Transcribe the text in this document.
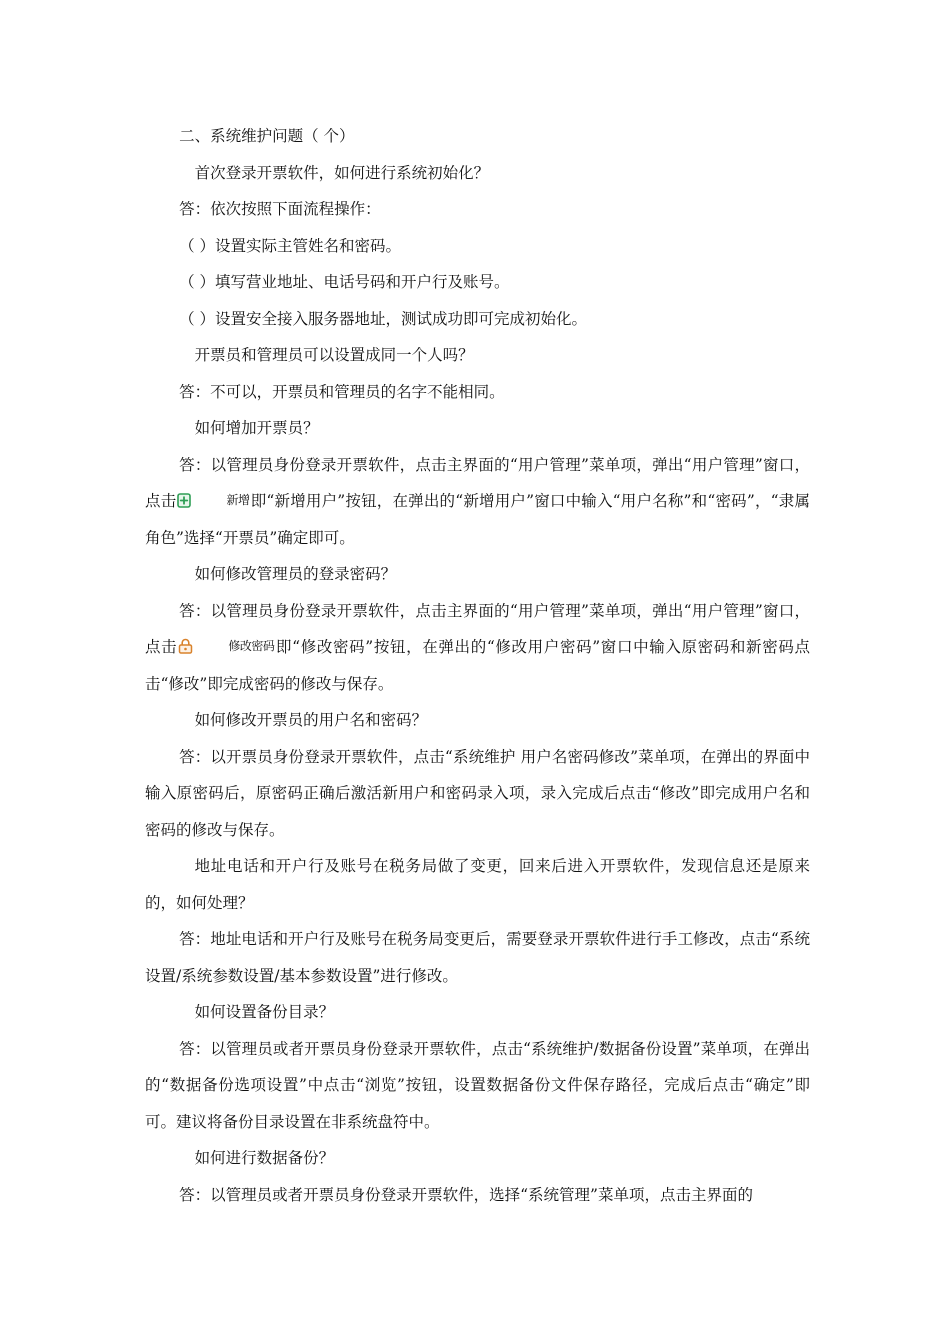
二、系统维护问题（ 个）

首次登录开票软件，如何进行系统初始化？

答：依次按照下面流程操作：

（ ）设置实际主管姓名和密码。

（ ）填写营业地址、电话号码和开户行及账号。

（ ）设置安全接入服务器地址，测试成功即可完成初始化。

开票员和管理员可以设置成同一个人吗？

答：不可以，开票员和管理员的名字不能相同。

如何增加开票员？

答：以管理员身份登录开票软件，点击主界面的“用户管理”菜单项，弹出“用户管理”窗口，点击	新增 即“新增用户”按钮，在弹出的“新增用户”窗口中输入“用户名称”和“密码”，“隶属角色”选择“开票员”确定即可。

如何修改管理员的登录密码？

答：以管理员身份登录开票软件，点击主界面的“用户管理”菜单项，弹出“用户管理”窗口，点击	修改密码 即“修改密码”按钮，在弹出的“修改用户密码”窗口中输入原密码和新密码点击“修改”即完成密码的修改与保存。

如何修改开票员的用户名和密码？

答：以开票员身份登录开票软件，点击“系统维护 用户名密码修改”菜单项，在弹出的界面中输入原密码后，原密码正确后激活新用户和密码录入项，录入完成后点击“修改”即完成用户名和密码的修改与保存。

地址电话和开户行及账号在税务局做了变更，回来后进入开票软件，发现信息还是原来的，如何处理？

答：地址电话和开户行及账号在税务局变更后，需要登录开票软件进行手工修改，点击“系统设置/系统参数设置/基本参数设置”进行修改。

如何设置备份目录？

答：以管理员或者开票员身份登录开票软件，点击“系统维护/数据备份设置”菜单项，在弹出的“数据备份选项设置”中点击“浏览”按钮，设置数据备份文件保存路径，完成后点击“确定”即可。建议将备份目录设置在非系统盘符中。

如何进行数据备份？

答：以管理员或者开票员身份登录开票软件，选择“系统管理”菜单项，点击主界面的
